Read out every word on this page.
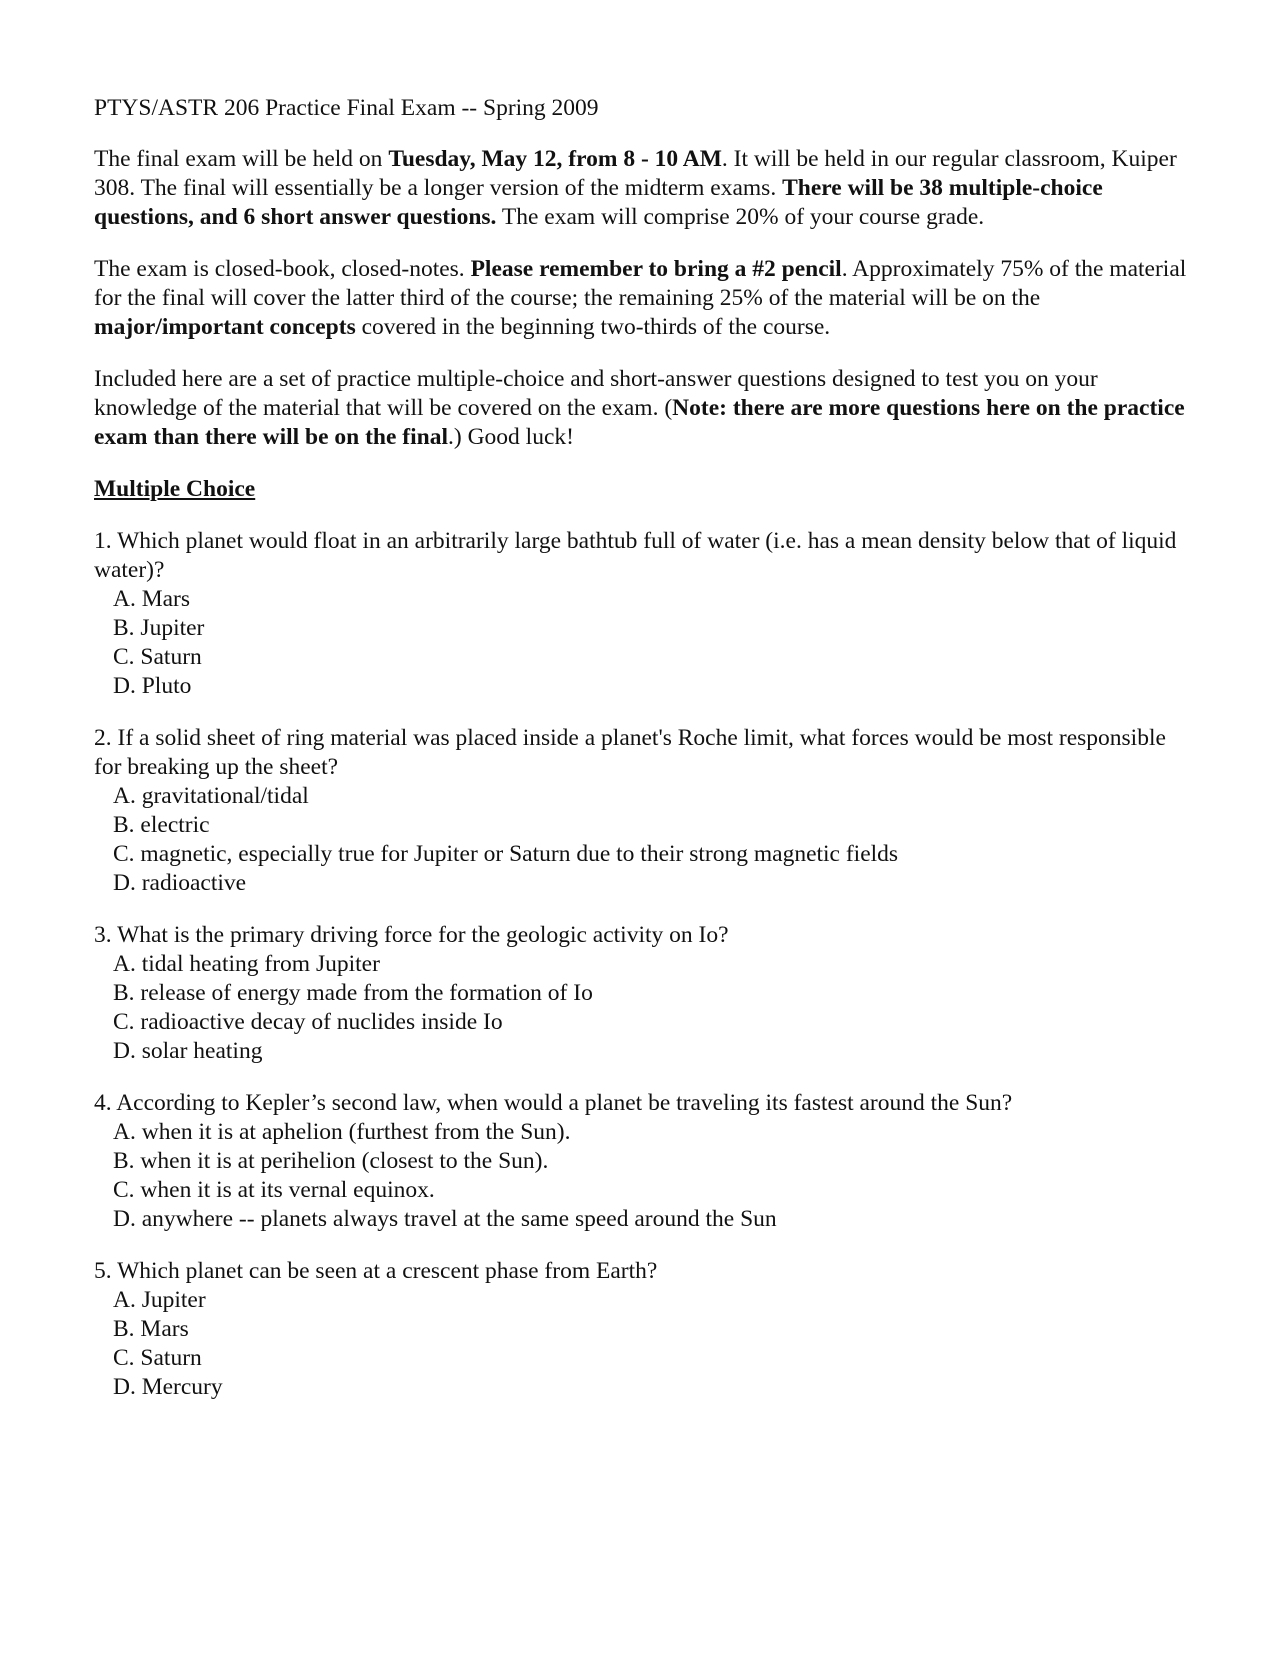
PTYS/ASTR 206 Practice Final Exam -- Spring 2009
The final exam will be held on Tuesday, May 12, from 8 - 10 AM. It will be held in our regular classroom, Kuiper 308. The final will essentially be a longer version of the midterm exams. There will be 38 multiple-choice questions, and 6 short answer questions. The exam will comprise 20% of your course grade.
The exam is closed-book, closed-notes. Please remember to bring a #2 pencil. Approximately 75% of the material for the final will cover the latter third of the course; the remaining 25% of the material will be on the major/important concepts covered in the beginning two-thirds of the course.
Included here are a set of practice multiple-choice and short-answer questions designed to test you on your knowledge of the material that will be covered on the exam. (Note: there are more questions here on the practice exam than there will be on the final.) Good luck!
Multiple Choice

1. Which planet would float in an arbitrarily large bathtub full of water (i.e. has a mean density below that of liquid water)?

A. Mars
B. Jupiter
C. Saturn
D. Pluto

2. If a solid sheet of ring material was placed inside a planet's Roche limit, what forces would be most responsible for breaking up the sheet?

A. gravitational/tidal
B. electric
C. magnetic, especially true for Jupiter or Saturn due to their strong magnetic fields
D. radioactive

3. What is the primary driving force for the geologic activity on Io?

A. tidal heating from Jupiter
B. release of energy made from the formation of Io
C. radioactive decay of nuclides inside Io
D. solar heating

4. According to Kepler’s second law, when would a planet be traveling its fastest around the Sun?

A. when it is at aphelion (furthest from the Sun).
B. when it is at perihelion (closest to the Sun).
C. when it is at its vernal equinox.
D. anywhere -- planets always travel at the same speed around the Sun

5. Which planet can be seen at a crescent phase from Earth?

A. Jupiter
B. Mars
C. Saturn
D. Mercury
